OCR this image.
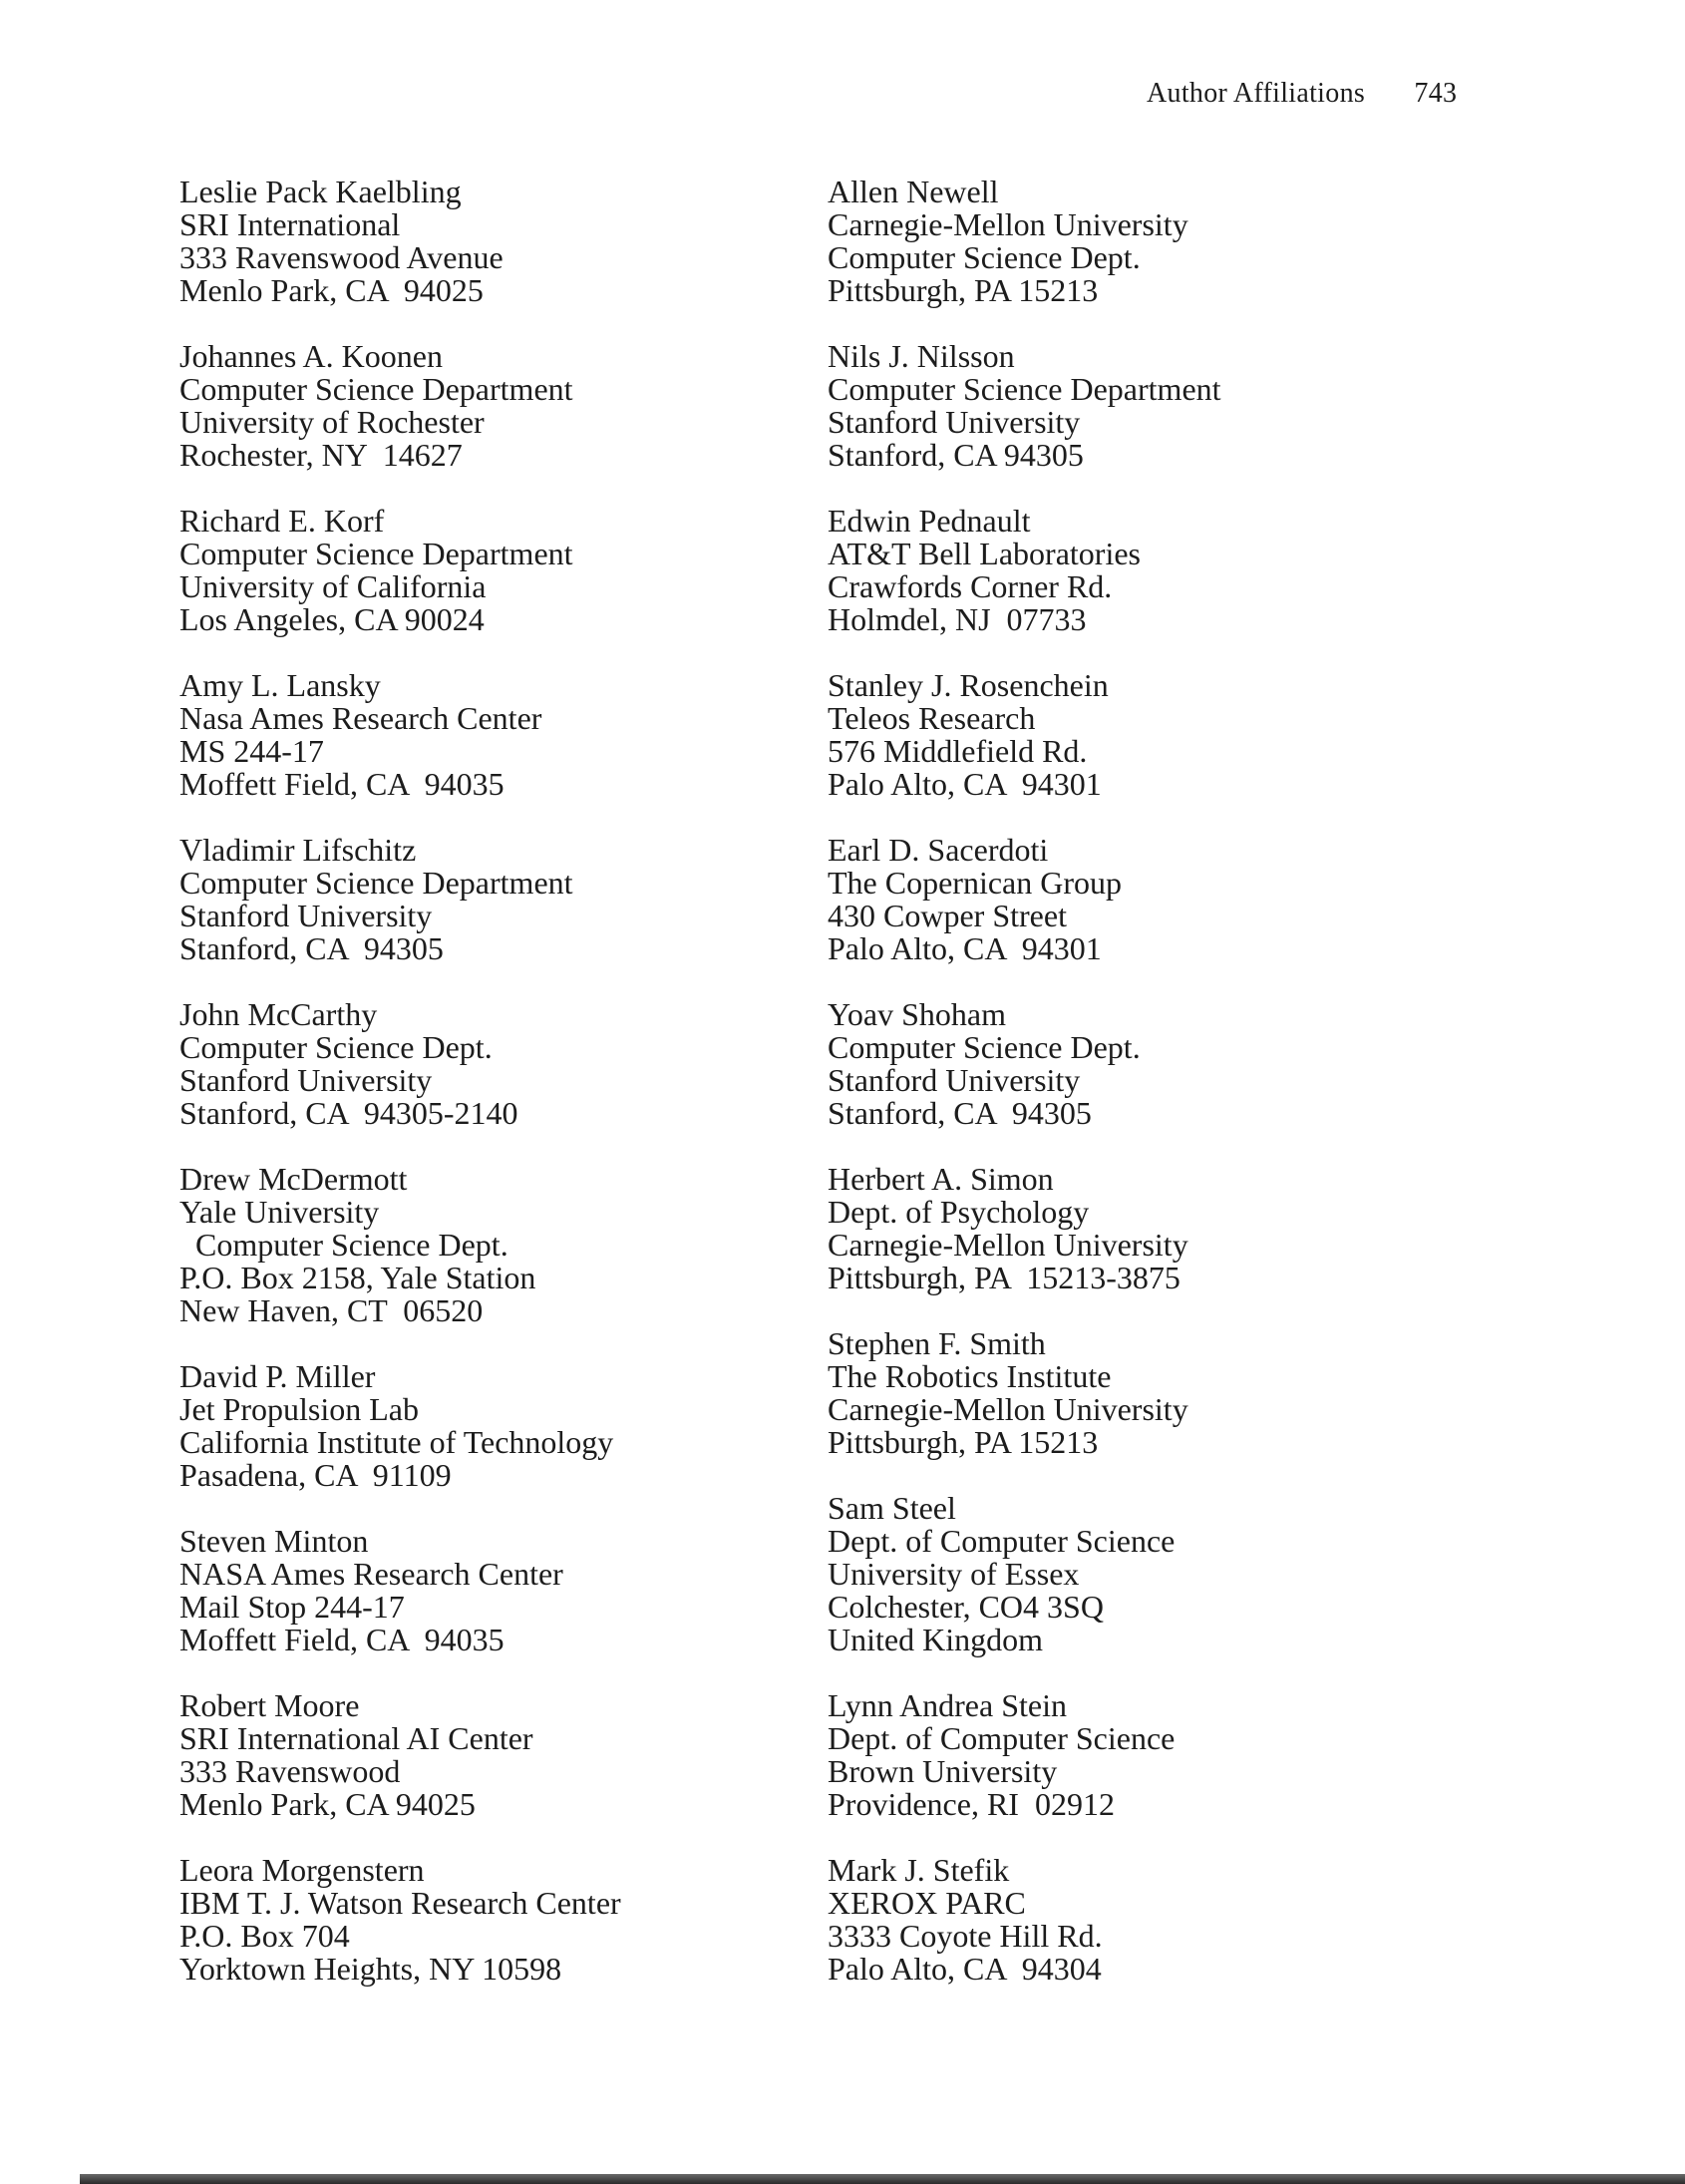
Author Affiliations 743
Leslie Pack Kaelbling
SRI International
333 Ravenswood Avenue
Menlo Park, CA  94025
Johannes A. Koonen
Computer Science Department
University of Rochester
Rochester, NY  14627
Richard E. Korf
Computer Science Department
University of California
Los Angeles, CA 90024
Amy L. Lansky
Nasa Ames Research Center
MS 244-17
Moffett Field, CA  94035
Vladimir Lifschitz
Computer Science Department
Stanford University
Stanford, CA  94305
John McCarthy
Computer Science Dept.
Stanford University
Stanford, CA  94305-2140
Drew McDermott
Yale University
Computer Science Dept.
P.O. Box 2158, Yale Station
New Haven, CT  06520
David P. Miller
Jet Propulsion Lab
California Institute of Technology
Pasadena, CA  91109
Steven Minton
NASA Ames Research Center
Mail Stop 244-17
Moffett Field, CA  94035
Robert Moore
SRI International AI Center
333 Ravenswood
Menlo Park, CA 94025
Leora Morgenstern
IBM T. J. Watson Research Center
P.O. Box 704
Yorktown Heights, NY 10598
Allen Newell
Carnegie-Mellon University
Computer Science Dept.
Pittsburgh, PA 15213
Nils J. Nilsson
Computer Science Department
Stanford University
Stanford, CA 94305
Edwin Pednault
AT&T Bell Laboratories
Crawfords Corner Rd.
Holmdel, NJ  07733
Stanley J. Rosenchein
Teleos Research
576 Middlefield Rd.
Palo Alto, CA  94301
Earl D. Sacerdoti
The Copernican Group
430 Cowper Street
Palo Alto, CA  94301
Yoav Shoham
Computer Science Dept.
Stanford University
Stanford, CA  94305
Herbert A. Simon
Dept. of Psychology
Carnegie-Mellon University
Pittsburgh, PA  15213-3875
Stephen F. Smith
The Robotics Institute
Carnegie-Mellon University
Pittsburgh, PA 15213
Sam Steel
Dept. of Computer Science
University of Essex
Colchester, CO4 3SQ
United Kingdom
Lynn Andrea Stein
Dept. of Computer Science
Brown University
Providence, RI  02912
Mark J. Stefik
XEROX PARC
3333 Coyote Hill Rd.
Palo Alto, CA  94304
